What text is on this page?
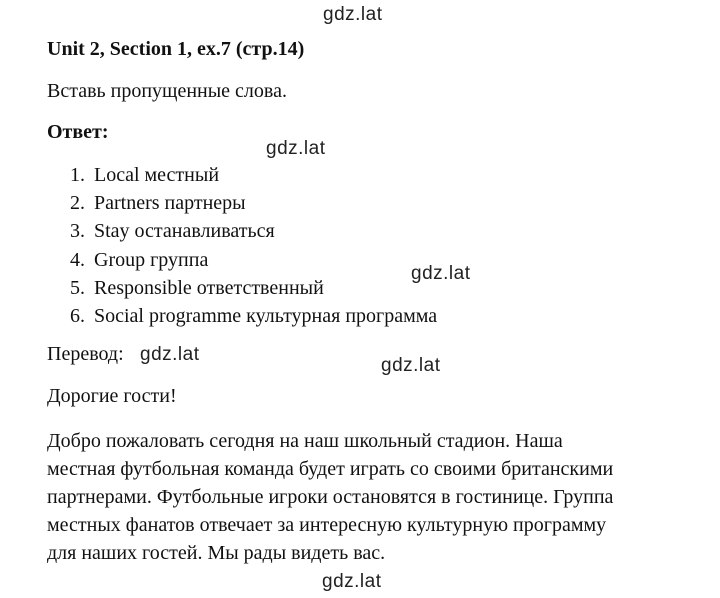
gdz.lat
gdz.lat
gdz.lat
gdz.lat
gdz.lat
gdz.lat
Unit 2, Section 1, ex.7 (стр.14)
Вставь пропущенные слова.
Ответ:
1. Local местный
2. Partners партнеры
3. Stay останавливаться
4. Group группа
5. Responsible ответственный
6. Social programme культурная программа
Перевод:
Дорогие гости!
Добро пожаловать сегодня на наш школьный стадион. Наша
местная футбольная команда будет играть со своими британскими
партнерами. Футбольные игроки остановятся в гостинице. Группа
местных фанатов отвечает за интересную культурную программу
для наших гостей. Мы рады видеть вас.
